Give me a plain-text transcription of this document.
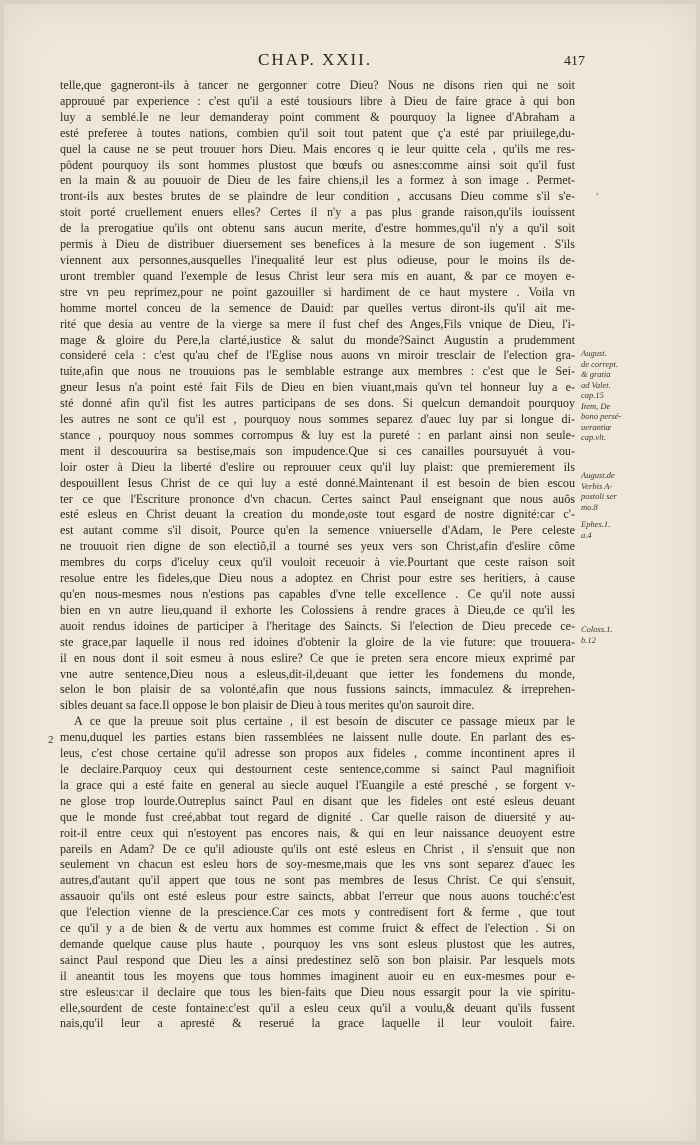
CHAP. XXII.	417
telle,que gagneront-ils à tancer ne gergonner cotre Dieu? Nous ne disons rien qui ne soit
approuué par experience : c'est qu'il a esté tousiours libre à Dieu de faire grace à qui bon
luy a semblé.Ie ne leur demanderay point comment & pourquoy la lignee d'Abraham a
esté preferee à toutes nations, combien qu'il soit tout patent que ç'a esté par priuilege,du-
quel la cause ne se peut trouuer hors Dieu. Mais encores q ie leur quitte cela , qu'ils me res-
pôdent pourquoy ils sont hommes plustost que bœufs ou asnes:comme ainsi soit qu'il fust
en la main & au pouuoir de Dieu de les faire chiens,il les a formez à son image . Permet-
tront-ils aux bestes brutes de se plaindre de leur condition , accusans Dieu comme s'il s'e-
stoit porté cruellement enuers elles? Certes il n'y a pas plus grande raison,qu'ils iouissent
de la prerogatiue qu'ils ont obtenu sans aucun merite, d'estre hommes,qu'il n'y a qu'il soit
permis à Dieu de distribuer diuersement ses benefices à la mesure de son iugement . S'ils
viennent aux personnes,ausquelles l'inequalité leur est plus odieuse, pour le moins ils de-
uront trembler quand l'exemple de Iesus Christ leur sera mis en auant, & par ce moyen e-
stre vn peu reprimez,pour ne point gazouiller si hardiment de ce haut mystere . Voila vn
homme mortel conceu de la semence de Dauid: par quelles vertus diront-ils qu'il ait me-
rité que desia au ventre de la vierge sa mere il fust chef des Anges,Fils vnique de Dieu, l'i-
mage & gloire du Pere,la clarté,iustice & salut du monde?Sainct Augustin a prudemment
consideré cela : c'est qu'au chef de l'Eglise nous auons vn miroir tresclair de l'election gra-
tuite,afin que nous ne trouuions pas le semblable estrange aux membres : c'est que le Sei-
gneur Iesus n'a point esté fait Fils de Dieu en bien viuant,mais qu'vn tel honneur luy a e-
sté donné afin qu'il fist les autres participans de ses dons. Si quelcun demandoit pourquoy
les autres ne sont ce qu'il est , pourquoy nous sommes separez d'auec luy par si longue di-
stance , pourquoy nous sommes corrompus & luy est la pureté : en parlant ainsi non seule-
ment il descouurira sa bestise,mais son impudence.Que si ces canailles poursuyuét à vou-
loir oster à Dieu la liberté d'eslire ou reprouuer ceux qu'il luy plaist: que premierement ils
despouillent Iesus Christ de ce qui luy a esté donné.Maintenant il est besoin de bien escou
ter ce que l'Escriture prononce d'vn chacun. Certes sainct Paul enseignant que nous auõs
esté esleus en Christ deuant la creation du monde,oste tout esgard de nostre dignité:car c'-
est autant comme s'il disoit, Pource qu'en la semence vniuerselle d'Adam, le Pere celeste
ne trouuoit rien digne de son electiõ,il a tourné ses yeux vers son Christ,afin d'eslire cõme
membres du corps d'iceluy ceux qu'il vouloit receuoir à vie.Pourtant que ceste raison soit
resolue entre les fideles,que Dieu nous a adoptez en Christ pour estre ses heritiers, à cause
qu'en nous-mesmes nous n'estions pas capables d'vne telle excellence . Ce qu'il note aussi
bien en vn autre lieu,quand il exhorte les Colossiens à rendre graces à Dieu,de ce qu'il les
auoit rendus idoines de participer à l'heritage des Saincts. Si l'election de Dieu precede ce-
ste grace,par laquelle il nous red idoines d'obtenir la gloire de la vie future: que trouuera-
il en nous dont il soit esmeu à nous eslire? Ce que ie preten sera encore mieux exprimé par
vne autre sentence,Dieu nous a esleus,dit-il,deuant que ietter les fondemens du monde,
selon le bon plaisir de sa volonté,afin que nous fussions saincts, immaculez & irreprehen-
sibles deuant sa face.Il oppose le bon plaisir de Dieu à tous merites qu'on sauroit dire.
A ce que la preuue soit plus certaine , il est besoin de discuter ce passage mieux par le
menu,duquel les parties estans bien rassemblées ne laissent nulle doute. En parlant des es-
leus, c'est chose certaine qu'il adresse son propos aux fideles , comme incontinent apres il
le declaire.Parquoy ceux qui destournent ceste sentence,comme si sainct Paul magnifioit
la grace qui a esté faite en general au siecle auquel l'Euangile a esté presché , se forgent v-
ne glose trop lourde.Outreplus sainct Paul en disant que les fideles ont esté esleus deuant
que le monde fust creé,abbat tout regard de dignité . Car quelle raison de diuersité y au-
roit-il entre ceux qui n'estoyent pas encores nais, & qui en leur naissance deuoyent estre
pareils en Adam? De ce qu'il adiouste qu'ils ont esté esleus en Christ , il s'ensuit que non
seulement vn chacun est esleu hors de soy-mesme,mais que les vns sont separez d'auec les
autres,d'autant qu'il appert que tous ne sont pas membres de Iesus Christ. Ce qui s'ensuit,
assauoir qu'ils ont esté esleus pour estre saincts, abbat l'erreur que nous auons touché:c'est
que l'election vienne de la prescience.Car ces mots y contredisent fort & ferme , que tout
ce qu'il y a de bien & de vertu aux hommes est comme fruict & effect de l'election . Si on
demande quelque cause plus haute , pourquoy les vns sont esleus plustost que les autres,
sainct Paul respond que Dieu les a ainsi predestinez selõ son bon plaisir. Par lesquels mots
il aneantit tous les moyens que tous hommes imaginent auoir eu en eux-mesmes pour e-
stre esleus:car il declaire que tous les bien-faits que Dieu nous essargit pour la vie spiritu-
elle,sourdent de ceste fontaine:c'est qu'il a esleu ceux qu'il a voulu,& deuant qu'ils fussent
nais,qu'il leur a apresté & reserué la grace laquelle il leur vouloit faire.
2
,
August.
de corrept.
& gratia
ad Valet.
cap.15
Item, De
bono persé-
uerantiæ
cap.vlt.
August.de
Verbis A-
postoli ser
mo.8
Ephes.1.
a.4
Coloss.1.
b.12
